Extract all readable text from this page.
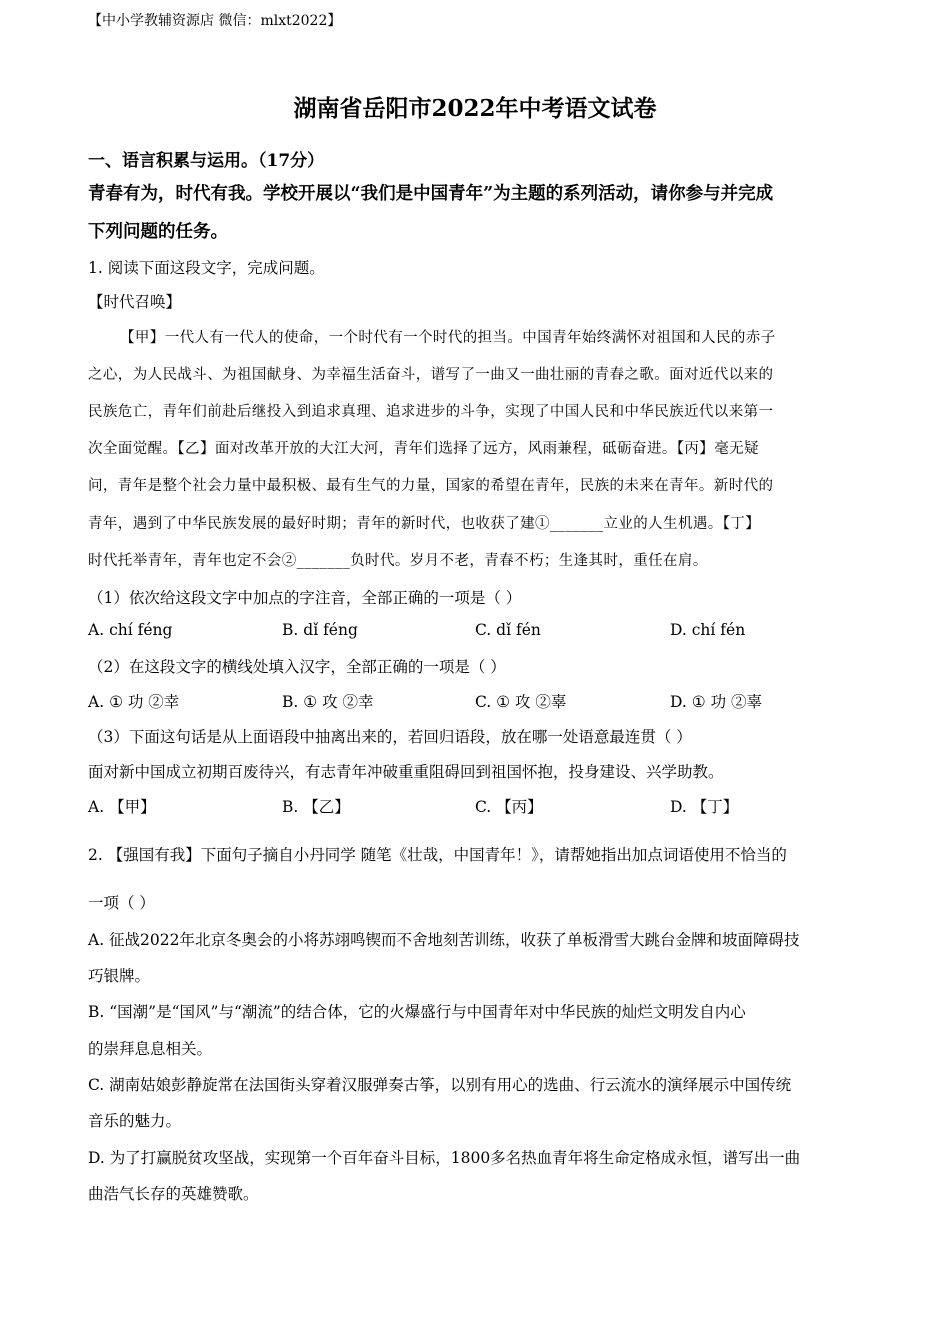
【中小学教辅资源店 微信：mlxt2022】
湖南省岳阳市2022年中考语文试卷
一、语言积累与运用。（17分）
青春有为，时代有我。学校开展以“我们是中国青年”为主题的系列活动，请你参与并完成
下列问题的任务。
1. 阅读下面这段文字，完成问题。
【时代召唤】
【甲】一代人有一代人的使命，一个时代有一个时代的担当。中国青年始终满怀对祖国和人民的赤子
之心，为人民战斗、为祖国献身、为幸福生活奋斗，谱写了一曲又一曲壮丽的青春之歌。面对近代以来的
民族危亡，青年们前赴后继投入到追求真理、追求进步的斗争，实现了中国人民和中华民族近代以来第一
次全面觉醒。【乙】面对改革开放的大江大河，青年们选择了远方，风雨兼程，砥砺奋进。【丙】毫无疑
问，青年是整个社会力量中最积极、最有生气的力量，国家的希望在青年，民族的未来在青年。新时代的
青年，遇到了中华民族发展的最好时期；青年的新时代，也收获了建①_______立业的人生机遇。【丁】
时代托举青年，青年也定不会②_______负时代。岁月不老，青春不朽；生逢其时，重任在肩。
（1）依次给这段文字中加点的字注音，全部正确的一项是（ ）
A. chí féng	B. dǐ féng	C. dǐ fén	D. chí fén
（2）在这段文字的横线处填入汉字，全部正确的一项是（ ）
A. ① 功 ②幸	B. ① 攻 ②幸	C. ① 攻 ②辜	D. ① 功 ②辜
（3）下面这句话是从上面语段中抽离出来的，若回归语段，放在哪一处语意最连贯（ ）
面对新中国成立初期百废待兴，有志青年冲破重重阻碍回到祖国怀抱，投身建设、兴学助教。
A. 【甲】	B. 【乙】	C. 【丙】	D. 【丁】
2. 【强国有我】下面句子摘自小丹同学 随笔《壮哉，中国青年！》，请帮她指出加点词语使用不恰当的
一项（ ）
A. 征战2022年北京冬奥会的小将苏翊鸣锲而不舍地刻苦训练，收获了单板滑雪大跳台金牌和坡面障碍技
巧银牌。
B. “国潮”是“国风”与“潮流”的结合体，它的火爆盛行与中国青年对中华民族的灿烂文明发自内心
的崇拜息息相关。
C. 湖南姑娘彭静旋常在法国街头穿着汉服弹奏古筝，以别有用心的选曲、行云流水的演绎展示中国传统
音乐的魅力。
D. 为了打赢脱贫攻坚战，实现第一个百年奋斗目标，1800多名热血青年将生命定格成永恒，谱写出一曲
曲浩气长存的英雄赞歌。
